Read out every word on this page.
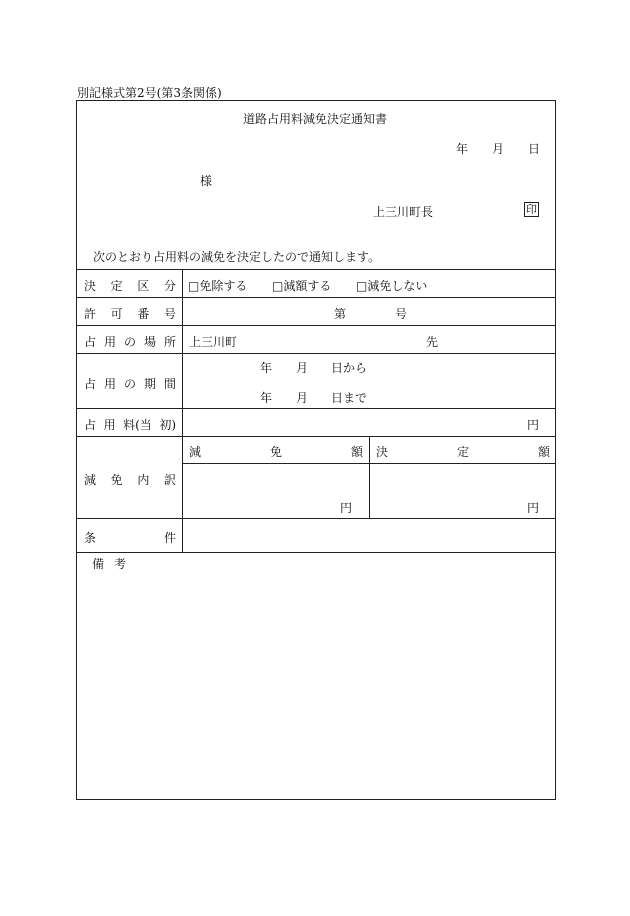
別記様式第2号(第3条関係)
道路占用料減免決定通知書
年 月 日
様
上三川町長	印
次のとおり占用料の減免を決定したので通知します。
決 定 区 分 □免除する □減額する □減免しない
許 可 番 号	第	号
占 用 の 場 所 上三川町	先
占 用 の 期 間
年 月 日から
年 月 日まで
占 用 料(当 初)	円
減 免 内 訳
減	免	額 決	定	額
円	円
条	件
備 考
